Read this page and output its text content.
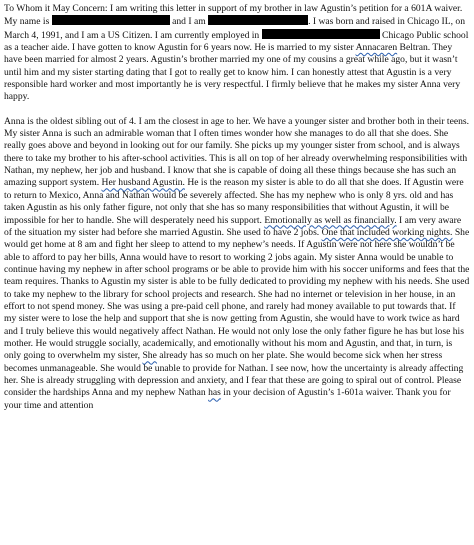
To Whom it May Concern: I am writing this letter in support of my brother in law Agustin’s petition for a 601A waiver. My name is	and I am	. I was born and raised in Chicago IL, on March 4, 1991, and I am a US Citizen. I am currently employed in	Chicago Public school as a teacher aide. I have gotten to know Agustin for 6 years now. He is married to my sister Annacaren Beltran. They have been married for almost 2 years. Agustin’s brother married my one of my cousins a great while ago, but it wasn’t until him and my sister starting dating that I got to really get to know him. I can honestly attest that Agustin is a very responsible hard worker and most importantly he is very respectful. I firmly believe that he makes my sister Anna very happy.

Anna is the oldest sibling out of 4. I am the closest in age to her. We have a younger sister and brother both in their teens. My sister Anna is such an admirable woman that I often times wonder how she manages to do all that she does. She really goes above and beyond in looking out for our family. She picks up my younger sister from school, and is always there to take my brother to his after-school activities. This is all on top of her already overwhelming responsibilities with Nathan, my nephew, her job and husband. I know that she is capable of doing all these things because she has such an amazing support system. Her husband Agustin. He is the reason my sister is able to do all that she does. If Agustin were to return to Mexico, Anna and Nathan would be severely affected. She has my nephew who is only 8 yrs. old and has taken Agustin as his only father figure, not only that she has so many responsibilities that without Agustin, it will be impossible for her to handle. She will desperately need his support. Emotionally as well as financially. I am very aware of the situation my sister had before she married Agustin. She used to have 2 jobs. One that included working nights. She would get home at 8 am and fight her sleep to attend to my nephew’s needs. If Agustin were not here she wouldn’t be able to afford to pay her bills, Anna would have to resort to working 2 jobs again. My sister Anna would be unable to continue having my nephew in after school programs or be able to provide him with his soccer uniforms and fees that the team requires. Thanks to Agustin my sister is able to be fully dedicated to providing my nephew with his needs. She used to take my nephew to the library for school projects and research. She had no internet or television in her house, in an effort to not spend money. She was using a pre-paid cell phone, and rarely had money available to put towards that. If my sister were to lose the help and support that she is now getting from Agustin, she would have to work twice as hard and I truly believe this would negatively affect Nathan. He would not only lose the only father figure he has but lose his mother. He would struggle socially, academically, and emotionally without his mom and Agustin, and that, in turn, is only going to overwhelm my sister, She already has so much on her plate. She would become sick when her stress becomes unmanageable. She would be unable to provide for Nathan. I see now, how the uncertainty is already affecting her. She is already struggling with depression and anxiety, and I fear that these are going to spiral out of control. Please consider the hardships Anna and my nephew Nathan has in your decision of Agustin’s 1-601a waiver. Thank you for your time and attention
